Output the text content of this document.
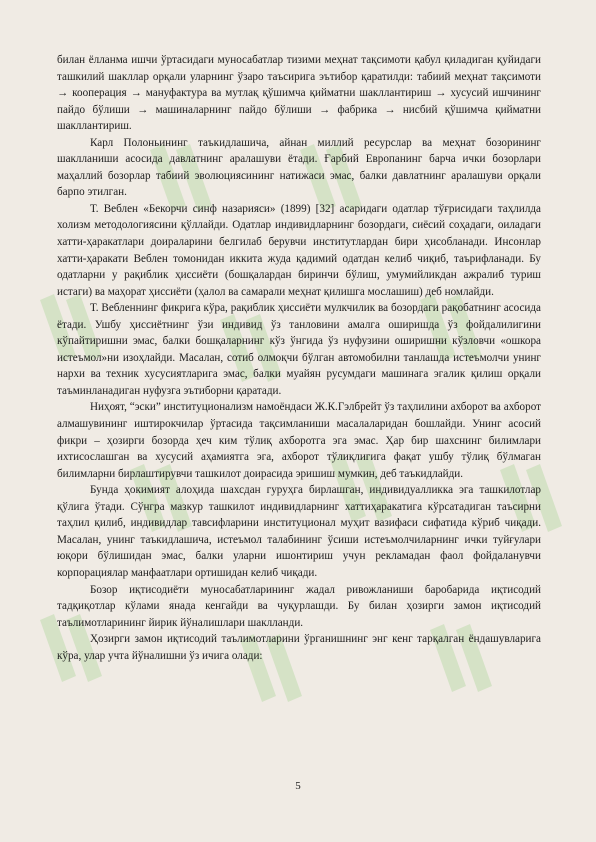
билан ёлланма ишчи ўртасидаги муносабатлар тизими меҳнат тақсимоти қабул қиладиган қуйидаги ташкилий шакллар орқали уларнинг ўзаро таъсирига эътибор қаратилди: табиий меҳнат тақсимоти → кооперация → мануфактура ва мутлақ қўшимча қийматни шакллантириш → хусусий ишчининг пайдо бўлиши → машиналарнинг пайдо бўлиши → фабрика → нисбий қўшимча қийматни шакллантириш.

Карл Полоньининг таъкидлашича, айнан миллий ресурслар ва меҳнат бозорининг шаклланиши асосида давлатнинг аралашуви ётади. Ғарбий Европанинг барча ички бозорлари маҳаллий бозорлар табиий эволюциясининг натижаси эмас, балки давлатнинг аралашуви орқали барпо этилган.

Т. Веблен «Бекорчи синф назарияси» (1899) [32] асаридаги одатлар тўғрисидаги таҳлилда холизм методологиясини қўллайди. Одатлар индивидларнинг бозордаги, сиёсий соҳадаги, оиладаги хатти-ҳаракатлари доираларини белгилаб берувчи институтлардан бири ҳисобланади. Инсонлар хатти-ҳаракати Веблен томонидан иккита жуда қадимий одатдан келиб чиқиб, таърифланади. Бу одатларни у рақиблик ҳиссиёти (бошқалардан биринчи бўлиш, умумийликдан ажралиб туриш истаги) ва маҳорат ҳиссиёти (ҳалол ва самарали меҳнат қилишга мослашиш) деб номлайди.

Т. Вебленнинг фикрига кўра, рақиблик ҳиссиёти мулкчилик ва бозордаги рақобатнинг асосида ётади. Ушбу ҳиссиётнинг ўзи индивид ўз танловини амалга оширишда ўз фойдалилигини кўпайтиришни эмас, балки бошқаларнинг кўз ўнгида ўз нуфузини оширишни кўзловчи «ошкора истеъмол»ни изоҳлайди. Масалан, сотиб олмоқчи бўлган автомобилни танлашда истеъмолчи унинг нархи ва техник хусусиятларига эмас, балки муайян русумдаги машинага эгалик қилиш орқали таъминланадиган нуфузга эътиборни қаратади.

Ниҳоят, “эски” институционализм намоёндаси Ж.К.Гэлбрейт ўз таҳлилини ахборот ва ахборот алмашувининг иштирокчилар ўртасида тақсимланиши масалаларидан бошлайди. Унинг асосий фикри – ҳозирги бозорда ҳеч ким тўлиқ ахборотга эга эмас. Ҳар бир шахснинг билимлари ихтисослашган ва хусусий аҳамиятга эга, ахборот тўлиқлигига фақат ушбу тўлиқ бўлмаган билимларни бирлаштирувчи ташкилот доирасида эришиш мумкин, деб таъкидлайди.

Бунда ҳокимият алоҳида шахсдан гуруҳга бирлашган, индивидуалликка эга ташкилотлар қўлига ўтади. Сўнгра мазкур ташкилот индивидларнинг хаттиҳаракатига кўрсатадиган таъсирни таҳлил қилиб, индивидлар тавсифларини институционал муҳит вазифаси сифатида кўриб чиқади. Масалан, унинг таъкидлашича, истеъмол талабининг ўсиши истеъмолчиларнинг ички туйғулари юқори бўлишидан эмас, балки уларни ишонтириш учун рекламадан фаол фойдаланувчи корпорациялар манфаатлари ортишидан келиб чиқади.

Бозор иқтисодиёти муносабатларининг жадал ривожланиши баробарида иқтисодий тадқиқотлар кўлами янада кенгайди ва чуқурлашди. Бу билан ҳозирги замон иқтисодий таълимотларининг йирик йўналишлари шаклланди.

Ҳозирги замон иқтисодий таълимотларини ўрганишнинг энг кенг тарқалган ёндашувларига кўра, улар учта йўналишни ўз ичига олади:

5
